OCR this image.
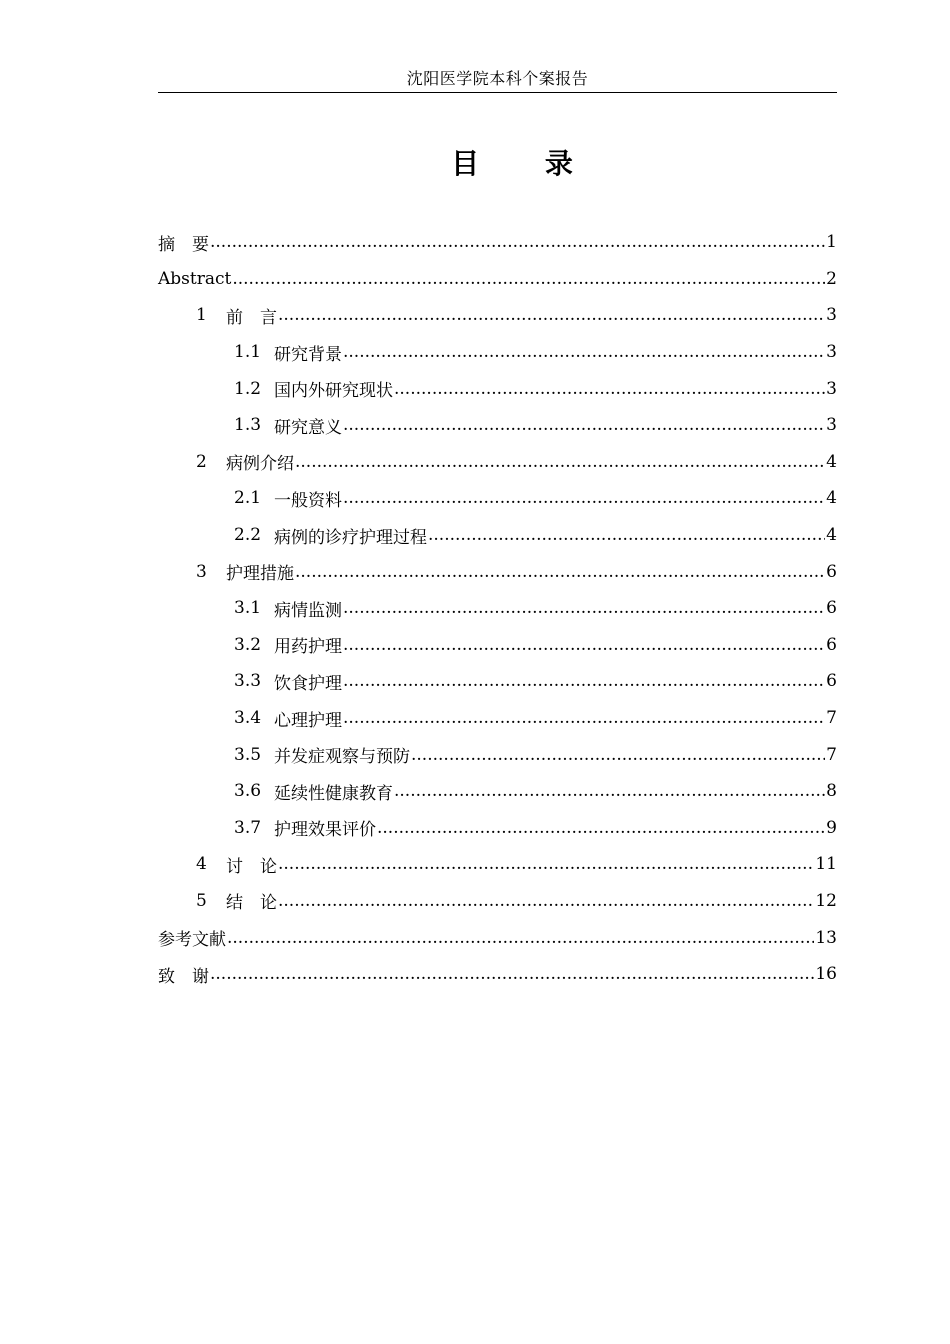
沈阳医学院本科个案报告
目 录
摘　要 .....	1
Abstract .....	2
1 前　言 .....	3
1.1 研究背景 .....	3
1.2 国内外研究现状 .....	3
1.3 研究意义 .....	3
2 病例介绍 .....	4
2.1 一般资料 .....	4
2.2 病例的诊疗护理过程 .....	4
3 护理措施 .....	6
3.1 病情监测 .....	6
3.2 用药护理 .....	6
3.3 饮食护理 .....	6
3.4 心理护理 .....	7
3.5 并发症观察与预防 .....	7
3.6 延续性健康教育 .....	8
3.7 护理效果评价 .....	9
4 讨　论 .....	11
5 结　论 .....	12
参考文献 .....	13
致　谢 .....	16
